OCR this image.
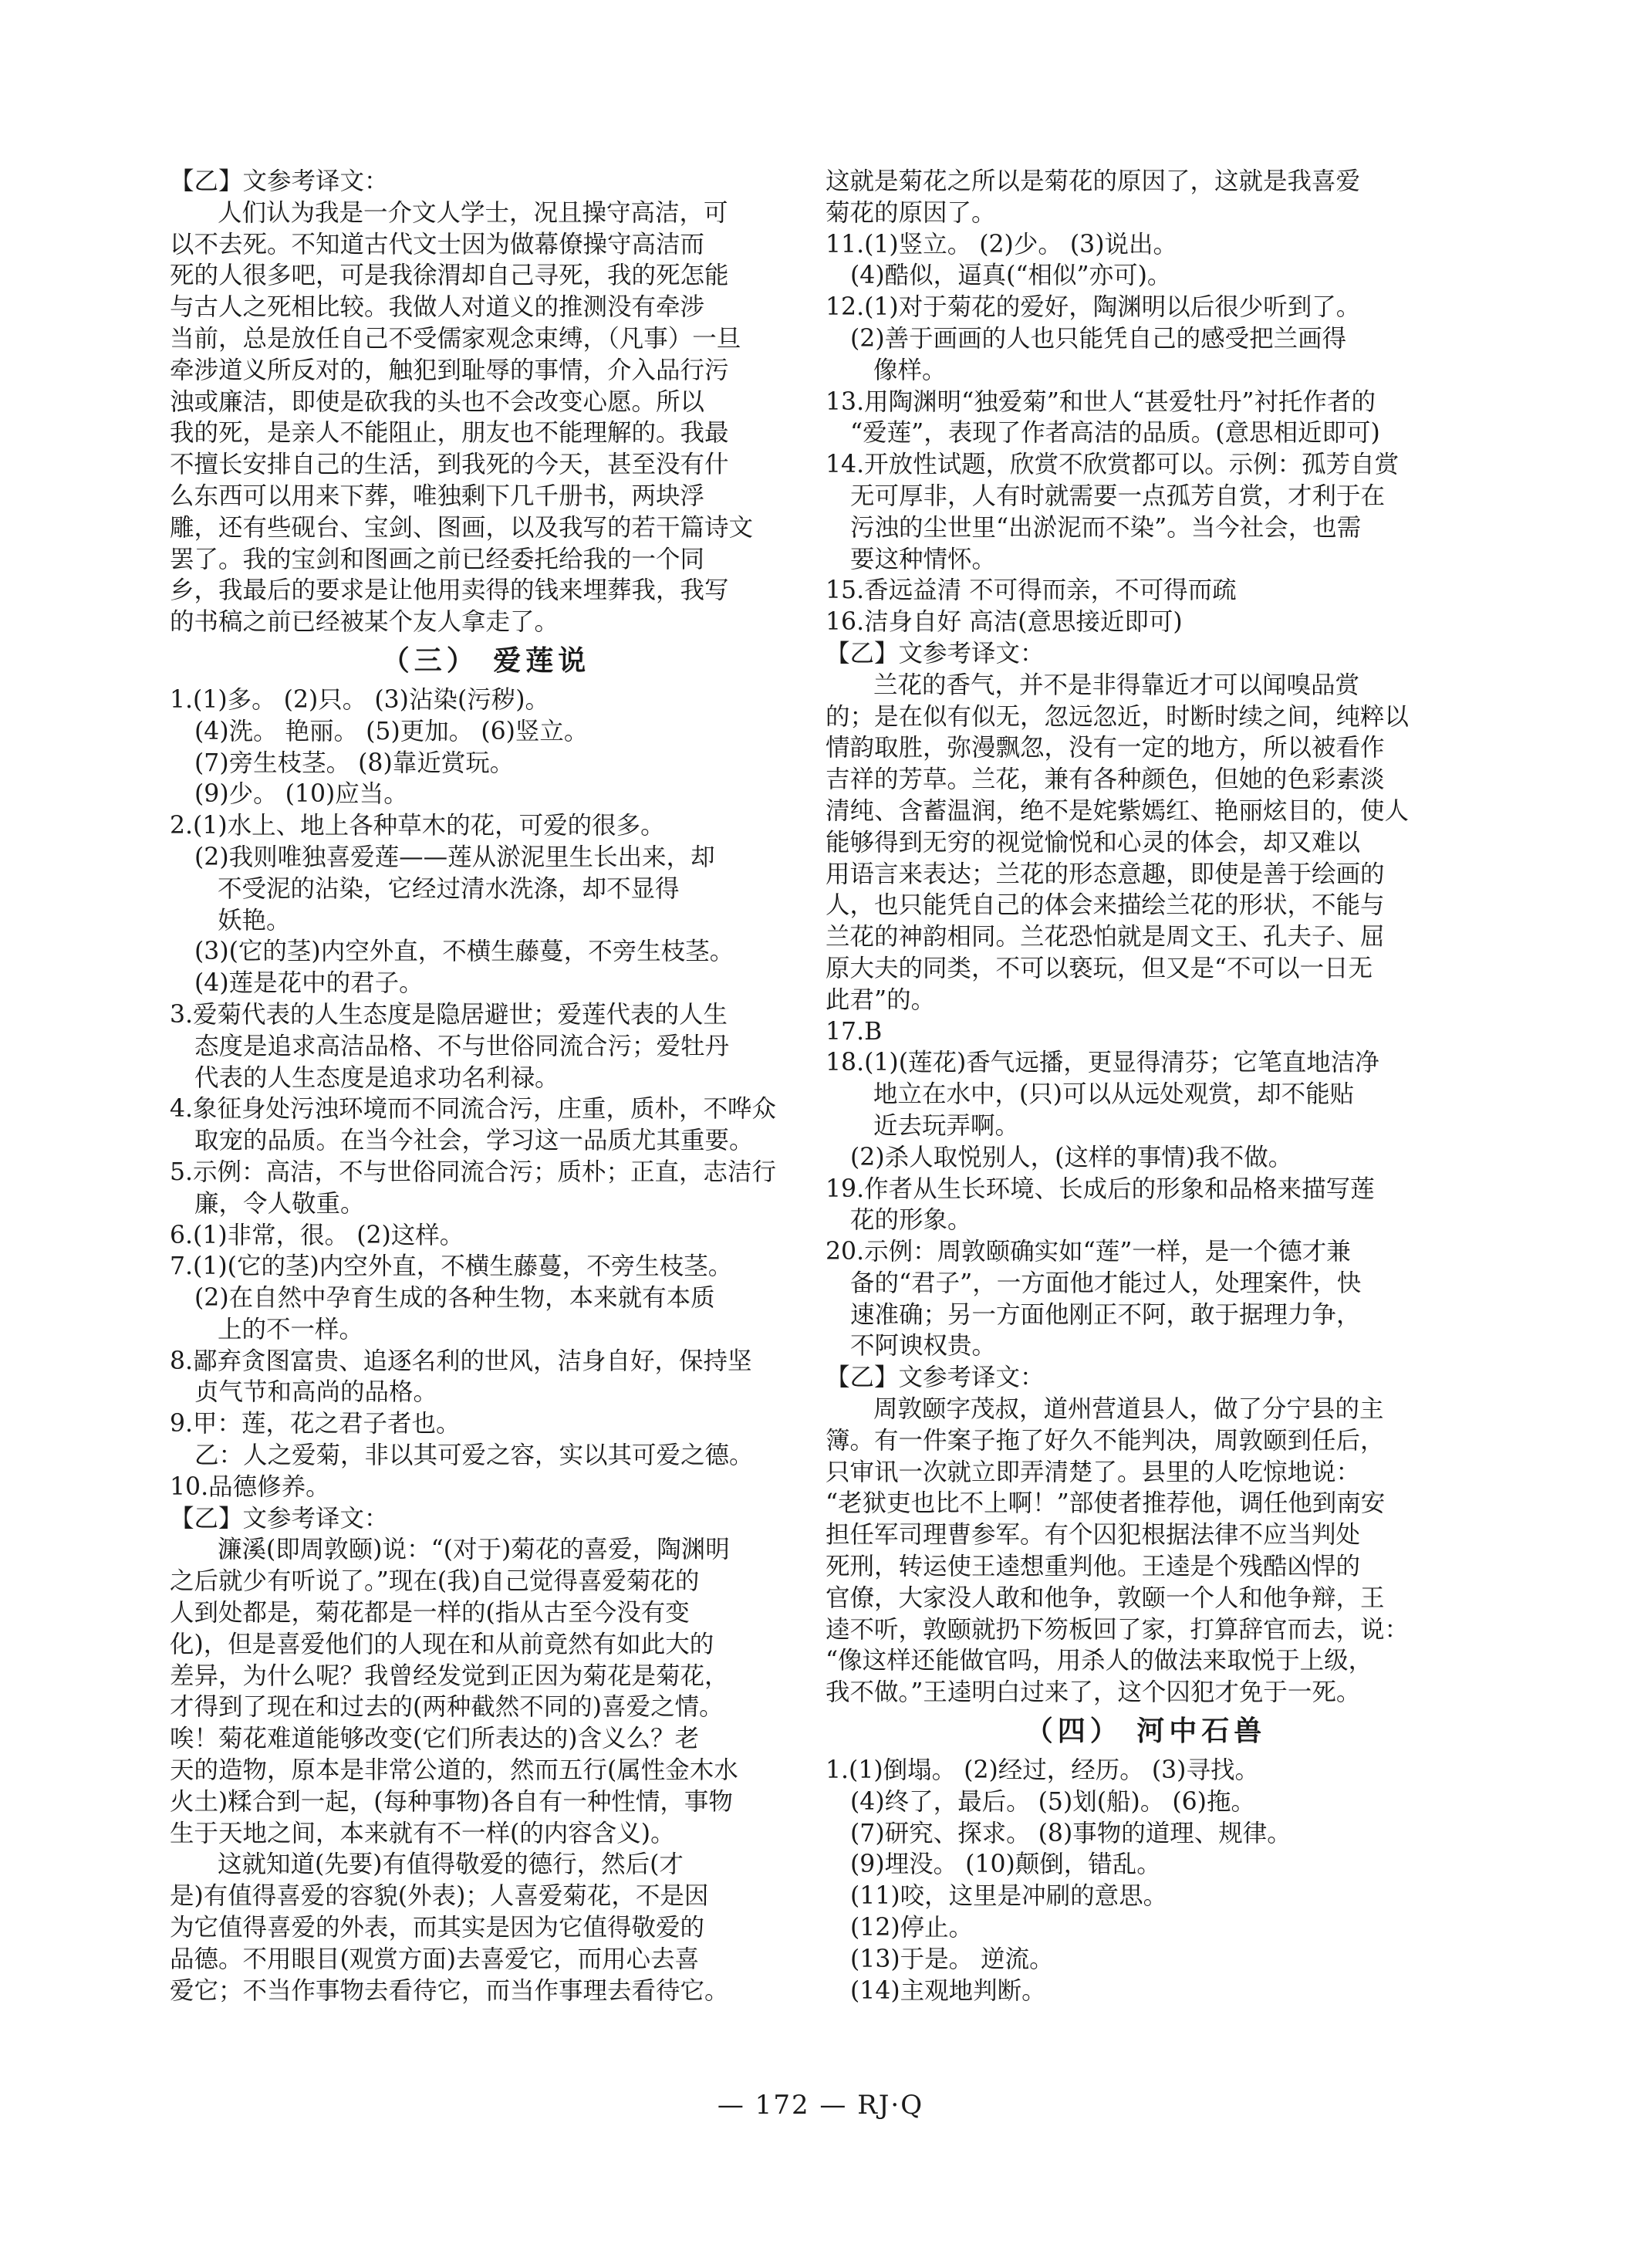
【乙】文参考译文：
人们认为我是一介文人学士，况且操守高洁，可
以不去死。不知道古代文士因为做幕僚操守高洁而
死的人很多吧，可是我徐渭却自己寻死，我的死怎能
与古人之死相比较。我做人对道义的推测没有牵涉
当前，总是放任自己不受儒家观念束缚，（凡事）一旦
牵涉道义所反对的，触犯到耻辱的事情，介入品行污
浊或廉洁，即使是砍我的头也不会改变心愿。所以
我的死，是亲人不能阻止，朋友也不能理解的。我最
不擅长安排自己的生活，到我死的今天，甚至没有什
么东西可以用来下葬，唯独剩下几千册书，两块浮
雕，还有些砚台、宝剑、图画，以及我写的若干篇诗文
罢了。我的宝剑和图画之前已经委托给我的一个同
乡，我最后的要求是让他用卖得的钱来埋葬我，我写
的书稿之前已经被某个友人拿走了。
（三） 爱莲说
1.(1)多。 (2)只。 (3)沾染(污秽)。
(4)洗。 艳丽。 (5)更加。 (6)竖立。
(7)旁生枝茎。 (8)靠近赏玩。
(9)少。 (10)应当。
2.(1)水上、地上各种草木的花，可爱的很多。
(2)我则唯独喜爱莲——莲从淤泥里生长出来，却
不受泥的沾染，它经过清水洗涤，却不显得
妖艳。
(3)(它的茎)内空外直，不横生藤蔓，不旁生枝茎。
(4)莲是花中的君子。
3.爱菊代表的人生态度是隐居避世；爱莲代表的人生
态度是追求高洁品格、不与世俗同流合污；爱牡丹
代表的人生态度是追求功名利禄。
4.象征身处污浊环境而不同流合污，庄重，质朴，不哗众
取宠的品质。在当今社会，学习这一品质尤其重要。
5.示例：高洁，不与世俗同流合污；质朴；正直，志洁行
廉，令人敬重。
6.(1)非常，很。 (2)这样。
7.(1)(它的茎)内空外直，不横生藤蔓，不旁生枝茎。
(2)在自然中孕育生成的各种生物，本来就有本质
上的不一样。
8.鄙弃贪图富贵、追逐名利的世风，洁身自好，保持坚
贞气节和高尚的品格。
9.甲：莲，花之君子者也。
乙：人之爱菊，非以其可爱之容，实以其可爱之德。
10.品德修养。
【乙】文参考译文：
濂溪(即周敦颐)说：“(对于)菊花的喜爱，陶渊明
之后就少有听说了。”现在(我)自己觉得喜爱菊花的
人到处都是，菊花都是一样的(指从古至今没有变
化)，但是喜爱他们的人现在和从前竟然有如此大的
差异，为什么呢？我曾经发觉到正因为菊花是菊花，
才得到了现在和过去的(两种截然不同的)喜爱之情。
唉！菊花难道能够改变(它们所表达的)含义么？老
天的造物，原本是非常公道的，然而五行(属性金木水
火土)糅合到一起，(每种事物)各自有一种性情，事物
生于天地之间，本来就有不一样(的内容含义)。
这就知道(先要)有值得敬爱的德行，然后(才
是)有值得喜爱的容貌(外表)；人喜爱菊花，不是因
为它值得喜爱的外表，而其实是因为它值得敬爱的
品德。不用眼目(观赏方面)去喜爱它，而用心去喜
爱它；不当作事物去看待它，而当作事理去看待它。
这就是菊花之所以是菊花的原因了，这就是我喜爱
菊花的原因了。
11.(1)竖立。 (2)少。 (3)说出。
(4)酷似，逼真(“相似”亦可)。
12.(1)对于菊花的爱好，陶渊明以后很少听到了。
(2)善于画画的人也只能凭自己的感受把兰画得
像样。
13.用陶渊明“独爱菊”和世人“甚爱牡丹”衬托作者的
“爱莲”，表现了作者高洁的品质。(意思相近即可)
14.开放性试题，欣赏不欣赏都可以。示例：孤芳自赏
无可厚非，人有时就需要一点孤芳自赏，才利于在
污浊的尘世里“出淤泥而不染”。当今社会，也需
要这种情怀。
15.香远益清 不可得而亲，不可得而疏
16.洁身自好 高洁(意思接近即可)
【乙】文参考译文：
兰花的香气，并不是非得靠近才可以闻嗅品赏
的；是在似有似无，忽远忽近，时断时续之间，纯粹以
情韵取胜，弥漫飘忽，没有一定的地方，所以被看作
吉祥的芳草。兰花，兼有各种颜色，但她的色彩素淡
清纯、含蓄温润，绝不是姹紫嫣红、艳丽炫目的，使人
能够得到无穷的视觉愉悦和心灵的体会，却又难以
用语言来表达；兰花的形态意趣，即使是善于绘画的
人，也只能凭自己的体会来描绘兰花的形状，不能与
兰花的神韵相同。兰花恐怕就是周文王、孔夫子、屈
原大夫的同类，不可以亵玩，但又是“不可以一日无
此君”的。
17.B
18.(1)(莲花)香气远播，更显得清芬；它笔直地洁净
地立在水中，(只)可以从远处观赏，却不能贴
近去玩弄啊。
(2)杀人取悦别人，(这样的事情)我不做。
19.作者从生长环境、长成后的形象和品格来描写莲
花的形象。
20.示例：周敦颐确实如“莲”一样，是一个德才兼
备的“君子”，一方面他才能过人，处理案件，快
速准确；另一方面他刚正不阿，敢于据理力争，
不阿谀权贵。
【乙】文参考译文：
周敦颐字茂叔，道州营道县人，做了分宁县的主
簿。有一件案子拖了好久不能判决，周敦颐到任后，
只审讯一次就立即弄清楚了。县里的人吃惊地说：
“老狱吏也比不上啊！”部使者推荐他，调任他到南安
担任军司理曹参军。有个囚犯根据法律不应当判处
死刑，转运使王逵想重判他。王逵是个残酷凶悍的
官僚，大家没人敢和他争，敦颐一个人和他争辩，王
逵不听，敦颐就扔下笏板回了家，打算辞官而去，说：
“像这样还能做官吗，用杀人的做法来取悦于上级，
我不做。”王逵明白过来了，这个囚犯才免于一死。
（四） 河中石兽
1.(1)倒塌。 (2)经过，经历。 (3)寻找。
(4)终了，最后。 (5)划(船)。 (6)拖。
(7)研究、探求。 (8)事物的道理、规律。
(9)埋没。 (10)颠倒，错乱。
(11)咬，这里是冲刷的意思。
(12)停止。
(13)于是。 逆流。
(14)主观地判断。
— 172 — RJ·Q
